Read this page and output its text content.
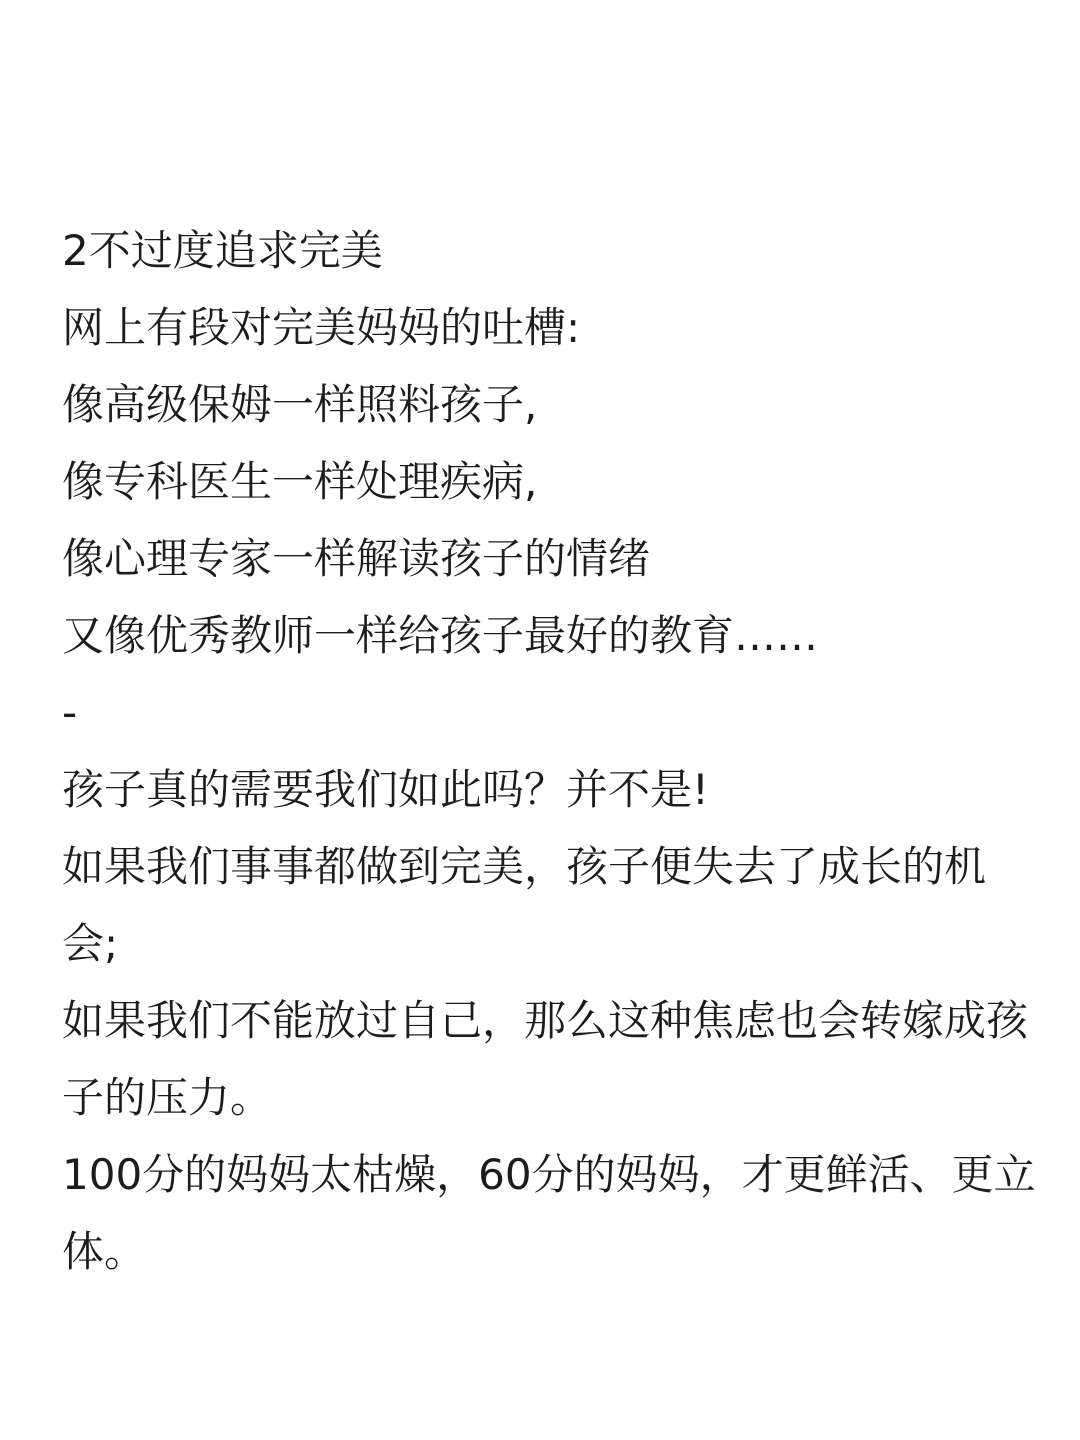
2不过度追求完美
网上有段对完美妈妈的吐槽:
像高级保姆一样照料孩子,
像专科医生一样处理疾病,
像心理专家一样解读孩子的情绪
又像优秀教师一样给孩子最好的教育……
-
孩子真的需要我们如此吗？并不是!
如果我们事事都做到完美，孩子便失去了成长的机
会;
如果我们不能放过自己，那么这种焦虑也会转嫁成孩
子的压力。
100分的妈妈太枯燥，60分的妈妈，才更鲜活、更立
体。
